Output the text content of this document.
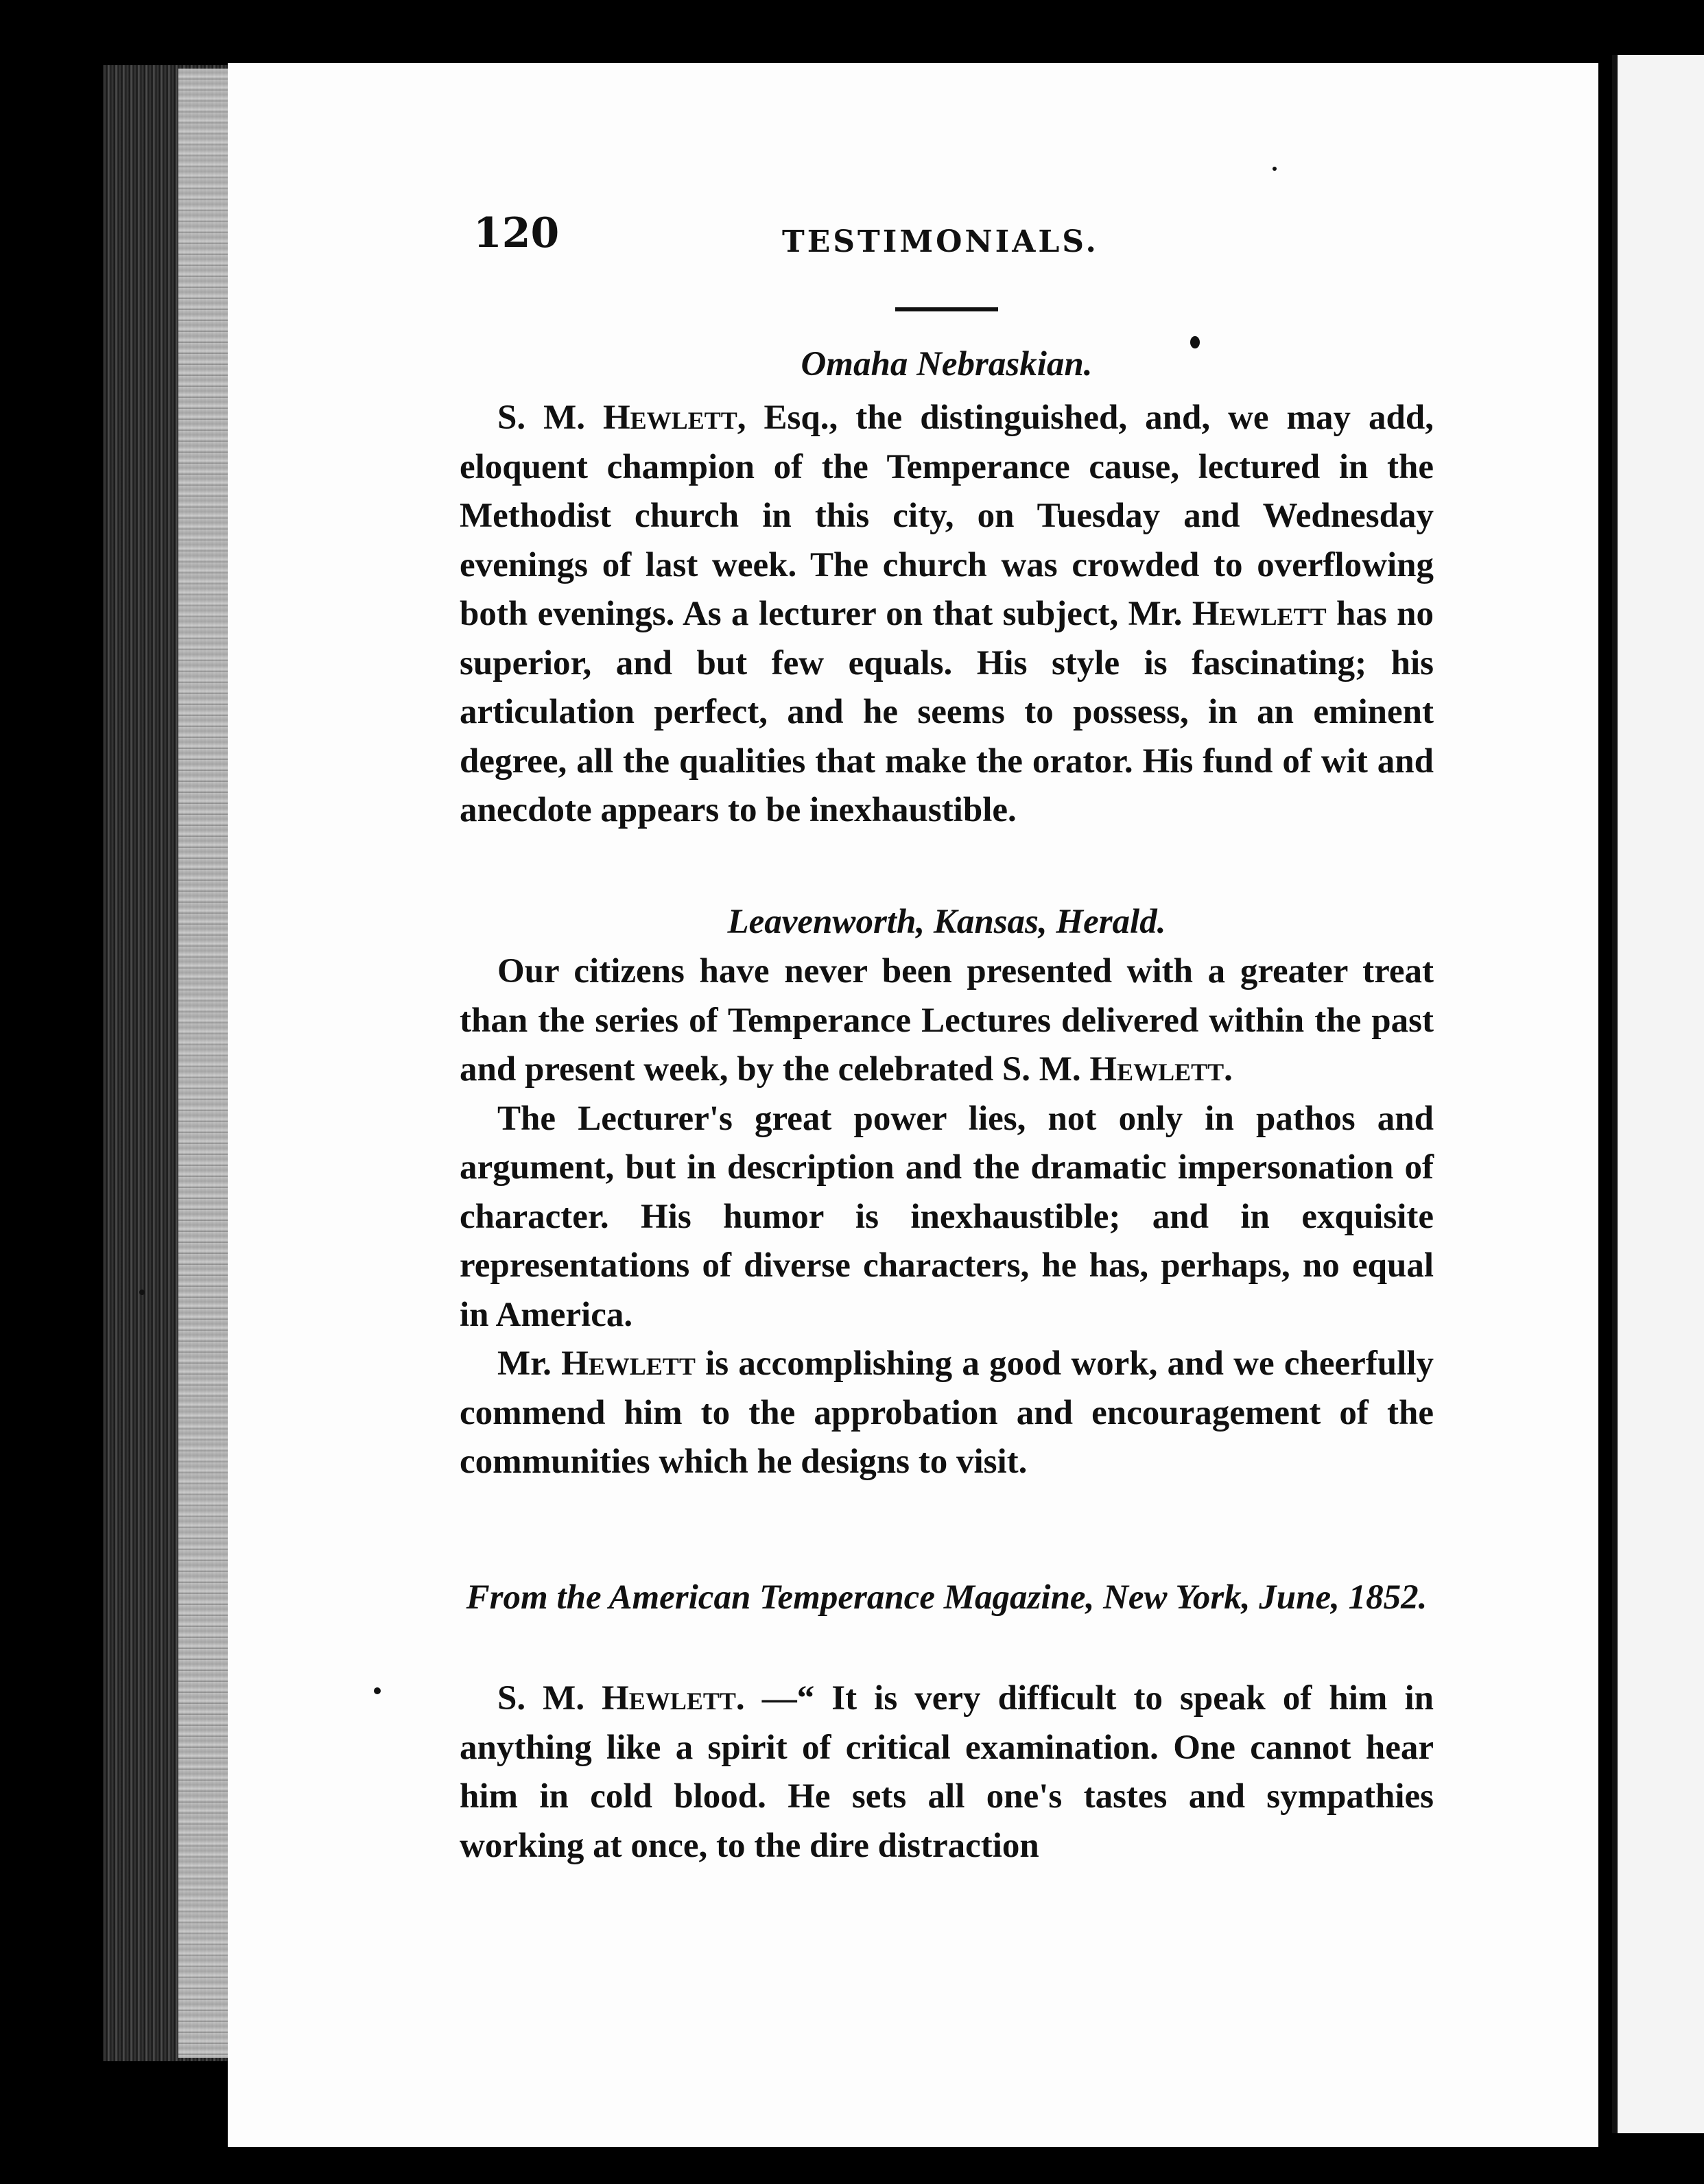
120	TESTIMONIALS.
Omaha Nebraskian.

S. M. Hewlett, Esq., the distinguished, and, we may add, eloquent champion of the Temperance cause, lectured in the Methodist church in this city, on Tuesday and Wednesday evenings of last week. The church was crowded to overflowing both evenings. As a lecturer on that subject, Mr. Hewlett has no superior, and but few equals. His style is fascinating; his articulation perfect, and he seems to possess, in an eminent degree, all the qualities that make the orator. His fund of wit and anecdote appears to be inexhaustible.

Leavenworth, Kansas, Herald.

Our citizens have never been presented with a greater treat than the series of Temperance Lectures delivered within the past and present week, by the celebrated S. M. Hewlett.

The Lecturer's great power lies, not only in pathos and argument, but in description and the dramatic impersonation of character. His humor is inexhaustible; and in exquisite representations of diverse characters, he has, perhaps, no equal in America.

Mr. Hewlett is accomplishing a good work, and we cheerfully commend him to the approbation and encouragement of the communities which he designs to visit.

From the American Temperance Magazine, New York, June, 1852.

S. M. Hewlett. —“ It is very difficult to speak of him in anything like a spirit of critical examination. One cannot hear him in cold blood. He sets all one's tastes and sympathies working at once, to the dire distraction
